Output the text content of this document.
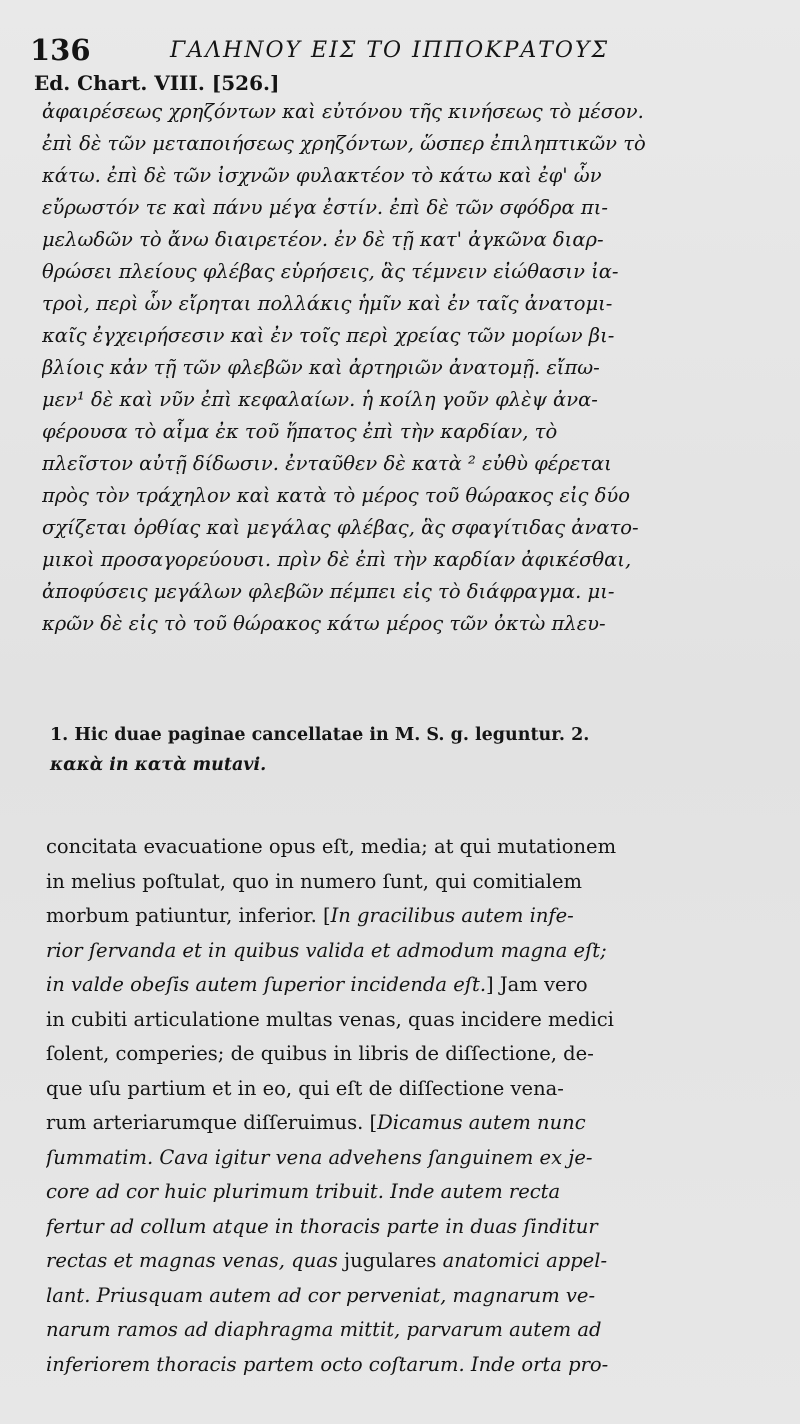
136	ΓΑΛΗΝΟΥ ΕΙΣ ΤΟ ΙΠΠΟΚΡΑΤΟΥΣ
Ed. Chart. VIII. [526.]
ἀφαιρέσεως χρηζόντων καὶ εὐτόνου τῆς κινήσεως τὸ μέσον.
ἐπὶ δὲ τῶν μεταποιήσεως χρηζόντων, ὥσπερ ἐπιληπτικῶν τὸ
κάτω. ἐπὶ δὲ τῶν ἰσχνῶν φυλακτέον τὸ κάτω καὶ ἐφ' ὧν
εὔρωστόν τε καὶ πάνυ μέγα ἐστίν. ἐπὶ δὲ τῶν σφόδρα πι-
μελωδῶν τὸ ἄνω διαιρετέον. ἐν δὲ τῇ κατ' ἀγκῶνα διαρ-
θρώσει πλείους φλέβας εὑρήσεις, ἃς τέμνειν εἰώθασιν ἰα-
τροὶ, περὶ ὧν εἴρηται πολλάκις ἡμῖν καὶ ἐν ταῖς ἀνατομι-
καῖς ἐγχειρήσεσιν καὶ ἐν τοῖς περὶ χρείας τῶν μορίων βι-
βλίοις κἀν τῇ τῶν φλεβῶν καὶ ἀρτηριῶν ἀνατομῇ. εἴπω-
μεν¹ δὲ καὶ νῦν ἐπὶ κεφαλαίων. ἡ κοίλη γοῦν φλὲψ ἀνα-
φέρουσα τὸ αἷμα ἐκ τοῦ ἥπατος ἐπὶ τὴν καρδίαν, τὸ
πλεῖστον αὐτῇ δίδωσιν. ἐνταῦθεν δὲ κατὰ ² εὐθὺ φέρεται
πρὸς τὸν τράχηλον καὶ κατὰ τὸ μέρος τοῦ θώρακος εἰς δύο
σχίζεται ὀρθίας καὶ μεγάλας φλέβας, ἃς σφαγίτιδας ἀνατο-
μικοὶ προσαγορεύουσι. πρὶν δὲ ἐπὶ τὴν καρδίαν ἀφικέσθαι,
ἀποφύσεις μεγάλων φλεβῶν πέμπει εἰς τὸ διάφραγμα. μι-
κρῶν δὲ εἰς τὸ τοῦ θώρακος κάτω μέρος τῶν ὀκτὼ πλευ-
1. Hic duae paginae cancellatae in M. S. g. leguntur. 2.
κακὰ in κατὰ mutavi.
concitata evacuatione opus eſt, media; at qui mutationem
in melius poſtulat, quo in numero ſunt, qui comitialem
morbum patiuntur, inferior. [In gracilibus autem infe-
rior ſervanda et in quibus valida et admodum magna eſt;
in valde obeſis autem ſuperior incidenda eſt.] Jam vero
in cubiti articulatione multas venas, quas incidere medici
ſolent, comperies; de quibus in libris de diſſectione, de-
que uſu partium et in eo, qui eſt de diſſectione vena-
rum arteriarumque diſſeruimus. [Dicamus autem nunc
ſummatim. Cava igitur vena advehens ſanguinem ex je-
core ad cor huic plurimum tribuit. Inde autem recta
fertur ad collum atque in thoracis parte in duas ſinditur
rectas et magnas venas, quas jugulares anatomici appel-
lant. Priusquam autem ad cor perveniat, magnarum ve-
narum ramos ad diaphragma mittit, parvarum autem ad
inferiorem thoracis partem octo coſtarum. Inde orta pro-
